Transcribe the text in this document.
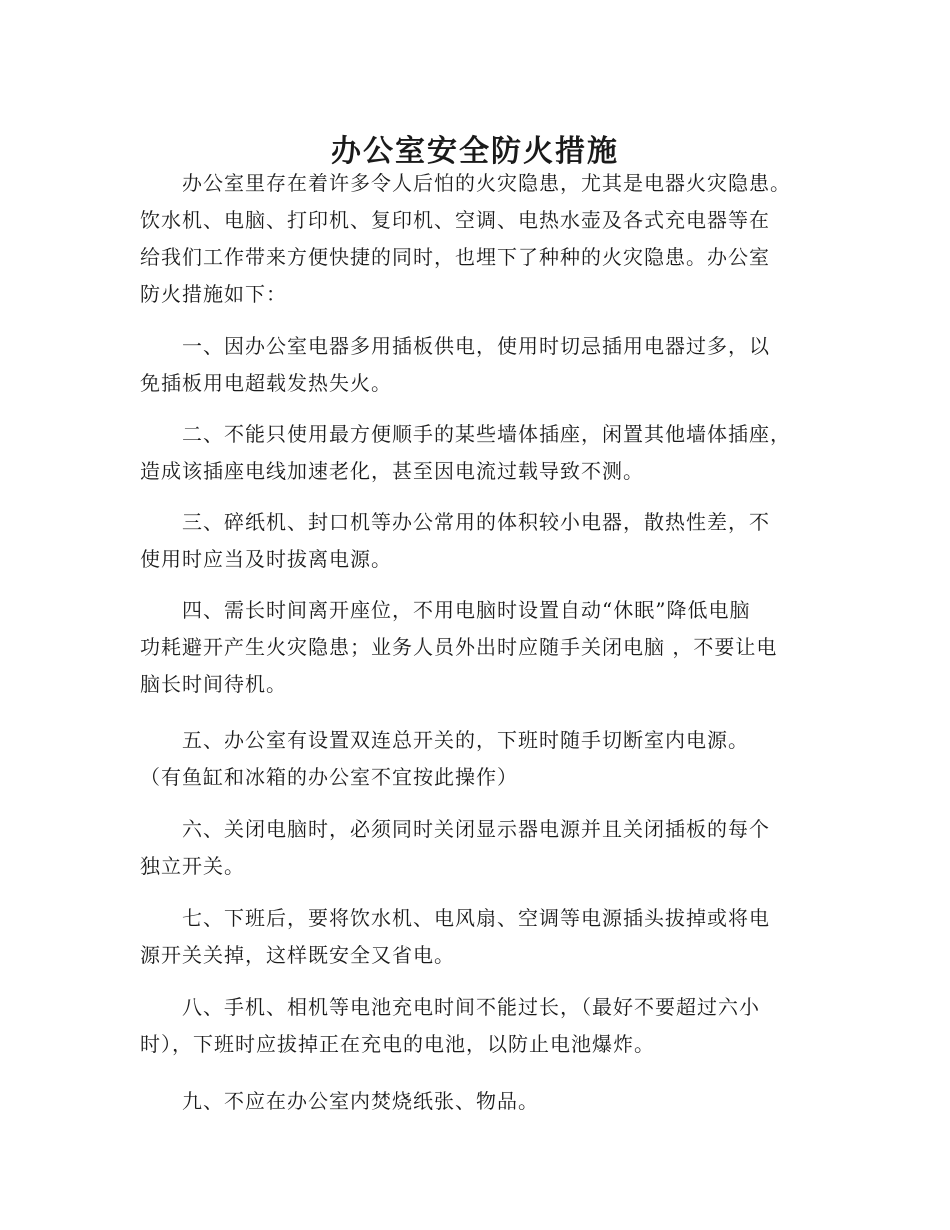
办公室安全防火措施

　　办公室里存在着许多令人后怕的火灾隐患，尤其是电器火灾隐患。
饮水机、电脑、打印机、复印机、空调、电热水壶及各式充电器等在
给我们工作带来方便快捷的同时，也埋下了种种的火灾隐患。办公室
防火措施如下：

　　一、因办公室电器多用插板供电，使用时切忌插用电器过多，以
免插板用电超载发热失火。

　　二、不能只使用最方便顺手的某些墙体插座，闲置其他墙体插座，
造成该插座电线加速老化，甚至因电流过载导致不测。

　　三、碎纸机、封口机等办公常用的体积较小电器，散热性差，不
使用时应当及时拔离电源。

　　四、需长时间离开座位，不用电脑时设置自动“休眠”降低电脑
功耗避开产生火灾隐患；业务人员外出时应随手关闭电脑 ，不要让电
脑长时间待机。

　　五、办公室有设置双连总开关的，下班时随手切断室内电源。
（有鱼缸和冰箱的办公室不宜按此操作）

　　六、关闭电脑时，必须同时关闭显示器电源并且关闭插板的每个
独立开关。

　　七、下班后，要将饮水机、电风扇、空调等电源插头拔掉或将电
源开关关掉，这样既安全又省电。

　　八、手机、相机等电池充电时间不能过长，（最好不要超过六小
时），下班时应拔掉正在充电的电池，以防止电池爆炸。

　　九、不应在办公室内焚烧纸张、物品。
